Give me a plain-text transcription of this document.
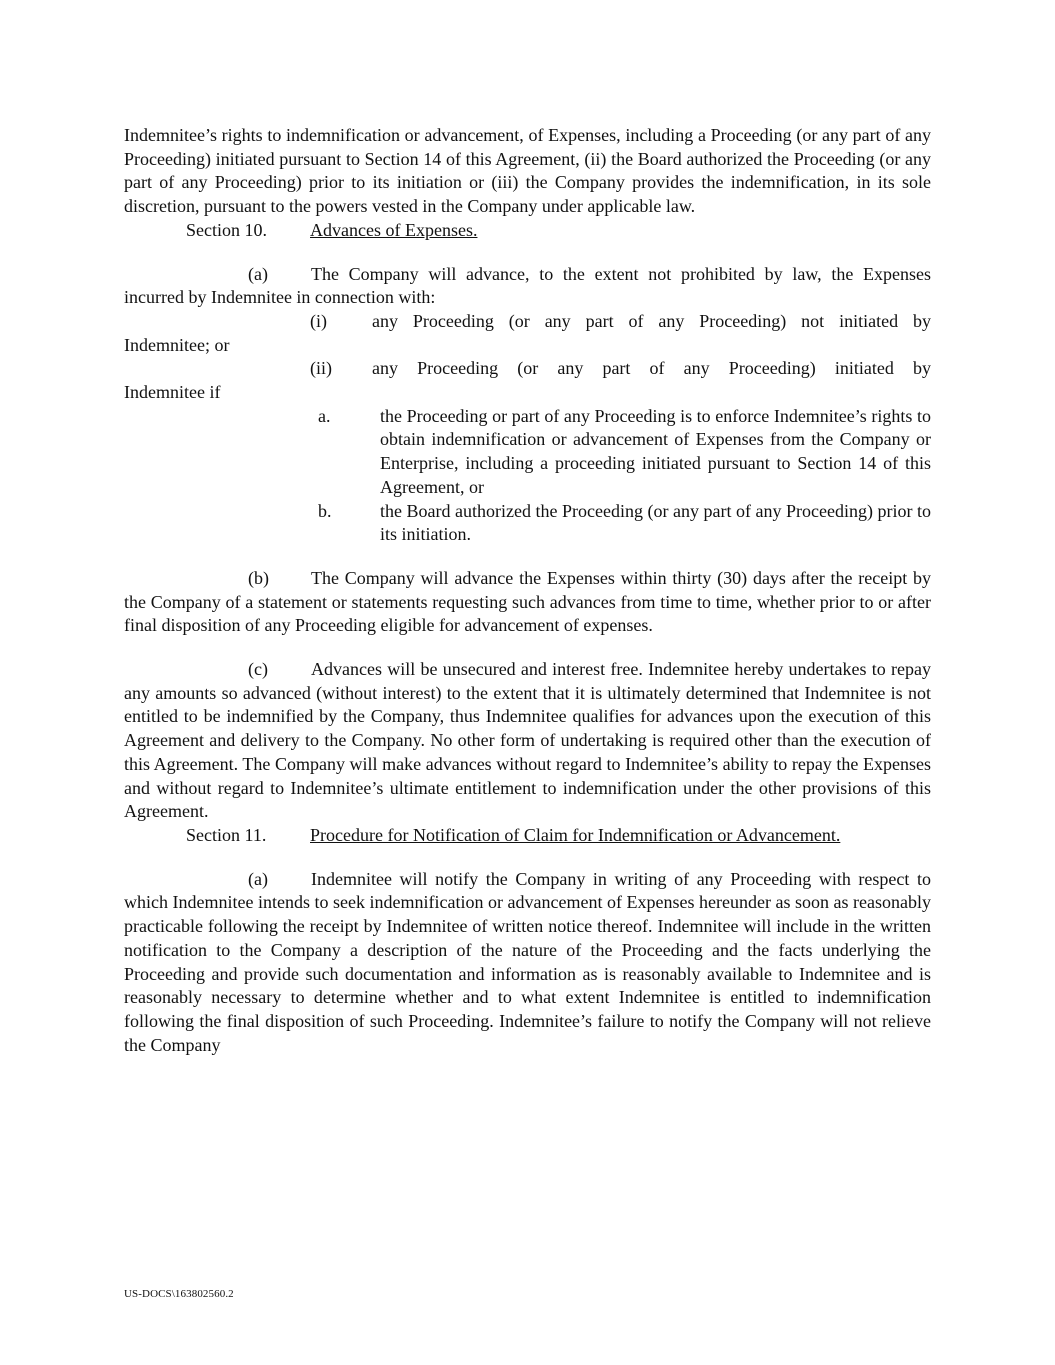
Indemnitee’s rights to indemnification or advancement, of Expenses, including a Proceeding (or any part of any Proceeding) initiated pursuant to Section 14 of this Agreement, (ii) the Board authorized the Proceeding (or any part of any Proceeding) prior to its initiation or (iii) the Company provides the indemnification, in its sole discretion, pursuant to the powers vested in the Company under applicable law.

Section 10. Advances of Expenses.

(a) The Company will advance, to the extent not prohibited by law, the Expenses incurred by Indemnitee in connection with:

(i)	any Proceeding (or any part of any Proceeding) not initiated by

Indemnitee; or

(ii) any Proceeding (or any part of any Proceeding) initiated by

Indemnitee if

a.	the Proceeding or part of any Proceeding is to enforce Indemnitee’s rights to obtain indemnification or advancement of Expenses from the Company or Enterprise, including a proceeding initiated pursuant to Section 14 of this Agreement, or

b.	the Board authorized the Proceeding (or any part of any Proceeding) prior to its initiation.

(b) The Company will advance the Expenses within thirty (30) days after the receipt by the Company of a statement or statements requesting such advances from time to time, whether prior to or after final disposition of any Proceeding eligible for advancement of expenses.

(c) Advances will be unsecured and interest free. Indemnitee hereby undertakes to repay any amounts so advanced (without interest) to the extent that it is ultimately determined that Indemnitee is not entitled to be indemnified by the Company, thus Indemnitee qualifies for advances upon the execution of this Agreement and delivery to the Company. No other form of undertaking is required other than the execution of this Agreement. The Company will make advances without regard to Indemnitee’s ability to repay the Expenses and without regard to Indemnitee’s ultimate entitlement to indemnification under the other provisions of this Agreement.

Section 11. Procedure for Notification of Claim for Indemnification or Advancement.

(a) Indemnitee will notify the Company in writing of any Proceeding with respect to which Indemnitee intends to seek indemnification or advancement of Expenses hereunder as soon as reasonably practicable following the receipt by Indemnitee of written notice thereof. Indemnitee will include in the written notification to the Company a description of the nature of the Proceeding and the facts underlying the Proceeding and provide such documentation and information as is reasonably available to Indemnitee and is reasonably necessary to determine whether and to what extent Indemnitee is entitled to indemnification following the final disposition of such Proceeding. Indemnitee’s failure to notify the Company will not relieve the Company

US-DOCS\163802560.2
